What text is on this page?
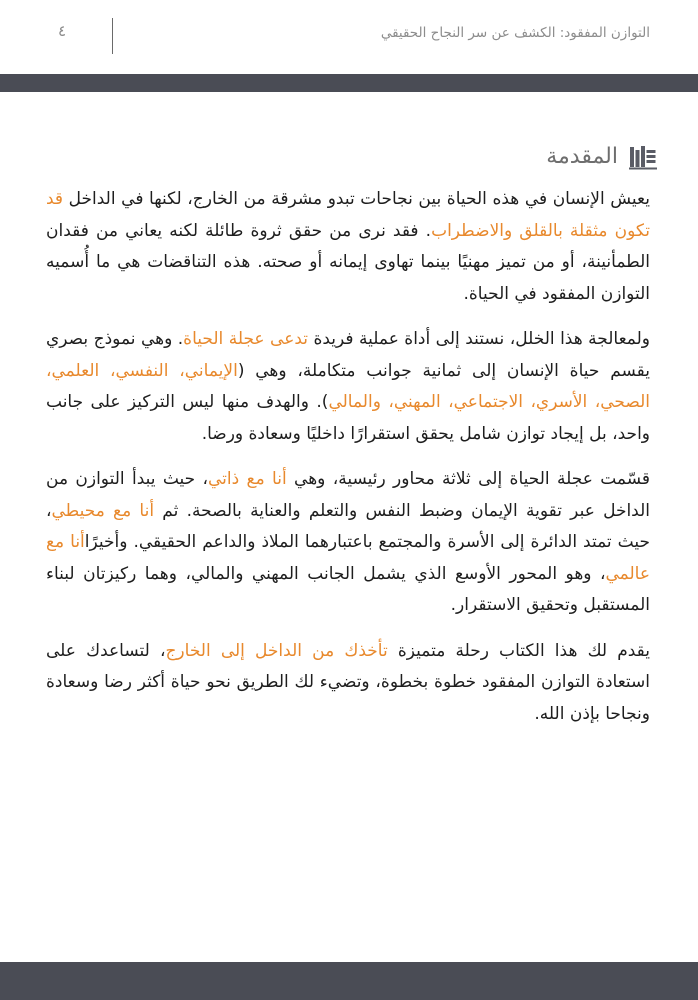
التوازن المفقود: الكشف عن سر النجاح الحقيقي
٤
المقدمة

يعيش الإنسان في هذه الحياة بين نجاحات تبدو مشرقة من الخارج، لكنها في الداخل قد تكون مثقلة بالقلق والاضطراب. فقد نرى من حقق ثروة طائلة لكنه يعاني من فقدان الطمأنينة، أو من تميز مهنيًا بينما تهاوى إيمانه أو صحته. هذه التناقضات هي ما أُسميه التوازن المفقود في الحياة.

ولمعالجة هذا الخلل، نستند إلى أداة عملية فريدة تدعى عجلة الحياة. وهي نموذج بصري يقسم حياة الإنسان إلى ثمانية جوانب متكاملة، وهي (الإيماني، النفسي، العلمي، الصحي، الأسري، الاجتماعي، المهني، والمالي). والهدف منها ليس التركيز على جانب واحد، بل إيجاد توازن شامل يحقق استقرارًا داخليًا وسعادة ورضا.

قسّمت عجلة الحياة إلى ثلاثة محاور رئيسية، وهي أنا مع ذاتي، حيث يبدأ التوازن من الداخل عبر تقوية الإيمان وضبط النفس والتعلم والعناية بالصحة. ثم أنا مع محيطي، حيث تمتد الدائرة إلى الأسرة والمجتمع باعتبارهما الملاذ والداعم الحقيقي. وأخيرًاأنا مع عالمي، وهو المحور الأوسع الذي يشمل الجانب المهني والمالي، وهما ركيزتان لبناء المستقبل وتحقيق الاستقرار.

يقدم لك هذا الكتاب رحلة متميزة تأخذك من الداخل إلى الخارج، لتساعدك على استعادة التوازن المفقود خطوة بخطوة، وتضيء لك الطريق نحو حياة أكثر رضا وسعادة ونجاحا بإذن الله.
